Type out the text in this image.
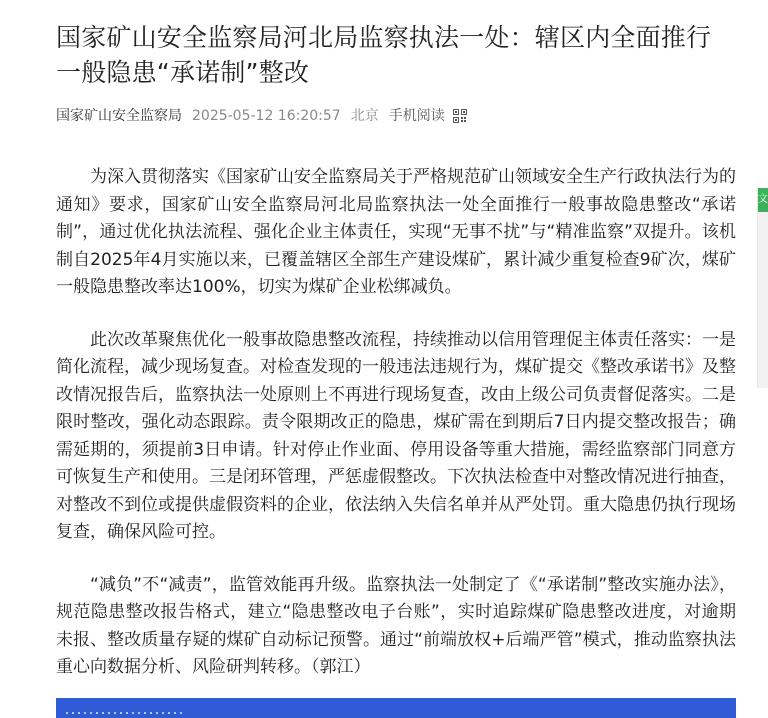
国家矿山安全监察局河北局监察执法一处：辖区内全面推行一般隐患“承诺制”整改
国家矿山安全监察局 2025-05-12 16:20:57 北京 手机阅读

为深入贯彻落实《国家矿山安全监察局关于严格规范矿山领域安全生产行政执法行为的通知》要求，国家矿山安全监察局河北局监察执法一处全面推行一般事故隐患整改“承诺制”，通过优化执法流程、强化企业主体责任，实现“无事不扰”与“精准监察”双提升。该机制自2025年4月实施以来，已覆盖辖区全部生产建设煤矿，累计减少重复检查9矿次，煤矿一般隐患整改率达100%，切实为煤矿企业松绑减负。

此次改革聚焦优化一般事故隐患整改流程，持续推动以信用管理促主体责任落实：一是简化流程，减少现场复查。对检查发现的一般违法违规行为，煤矿提交《整改承诺书》及整改情况报告后，监察执法一处原则上不再进行现场复查，改由上级公司负责督促落实。二是限时整改，强化动态跟踪。责令限期改正的隐患，煤矿需在到期后7日内提交整改报告；确需延期的，须提前3日申请。针对停止作业面、停用设备等重大措施，需经监察部门同意方可恢复生产和使用。三是闭环管理，严惩虚假整改。下次执法检查中对整改情况进行抽查，对整改不到位或提供虚假资料的企业，依法纳入失信名单并从严处罚。重大隐患仍执行现场复查，确保风险可控。

“减负”不“减责”，监管效能再升级。监察执法一处制定了《“承诺制”整改实施办法》，规范隐患整改报告格式，建立“隐患整改电子台账”，实时追踪煤矿隐患整改进度，对逾期未报、整改质量存疑的煤矿自动标记预警。通过“前端放权+后端严管”模式，推动监察执法重心向数据分析、风险研判转移。（郭江）

文
